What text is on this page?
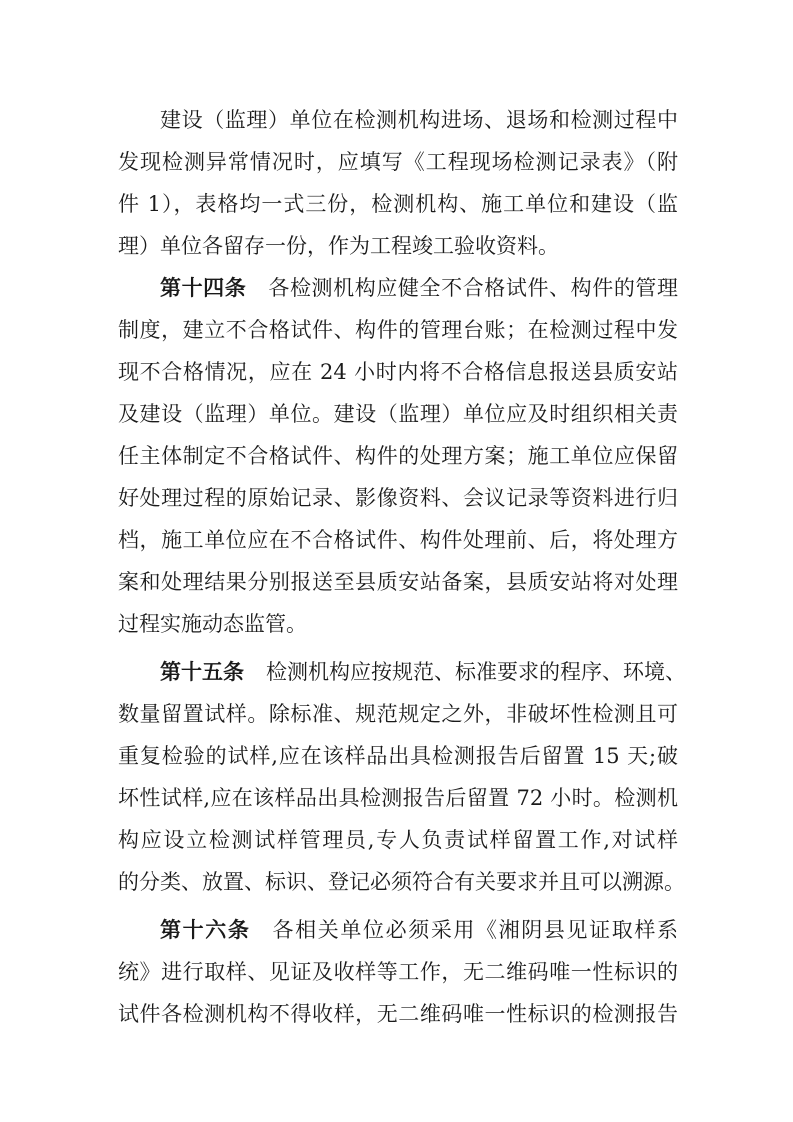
建设（监理）单位在检测机构进场、退场和检测过程中
发现检测异常情况时，应填写《工程现场检测记录表》（附
件 1），表格均一式三份，检测机构、施工单位和建设（监
理）单位各留存一份，作为工程竣工验收资料。
第十四条 各检测机构应健全不合格试件、构件的管理
制度，建立不合格试件、构件的管理台账；在检测过程中发
现不合格情况，应在 24 小时内将不合格信息报送县质安站
及建设（监理）单位。建设（监理）单位应及时组织相关责
任主体制定不合格试件、构件的处理方案；施工单位应保留
好处理过程的原始记录、影像资料、会议记录等资料进行归
档，施工单位应在不合格试件、构件处理前、后，将处理方
案和处理结果分别报送至县质安站备案，县质安站将对处理
过程实施动态监管。
第十五条 检测机构应按规范、标准要求的程序、环境、
数量留置试样。除标准、规范规定之外，非破坏性检测且可
重复检验的试样,应在该样品出具检测报告后留置 15 天;破
坏性试样,应在该样品出具检测报告后留置 72 小时。检测机
构应设立检测试样管理员,专人负责试样留置工作,对试样
的分类、放置、标识、登记必须符合有关要求并且可以溯源。
第十六条 各相关单位必须采用《湘阴县见证取样系
统》进行取样、见证及收样等工作，无二维码唯一性标识的
试件各检测机构不得收样，无二维码唯一性标识的检测报告
